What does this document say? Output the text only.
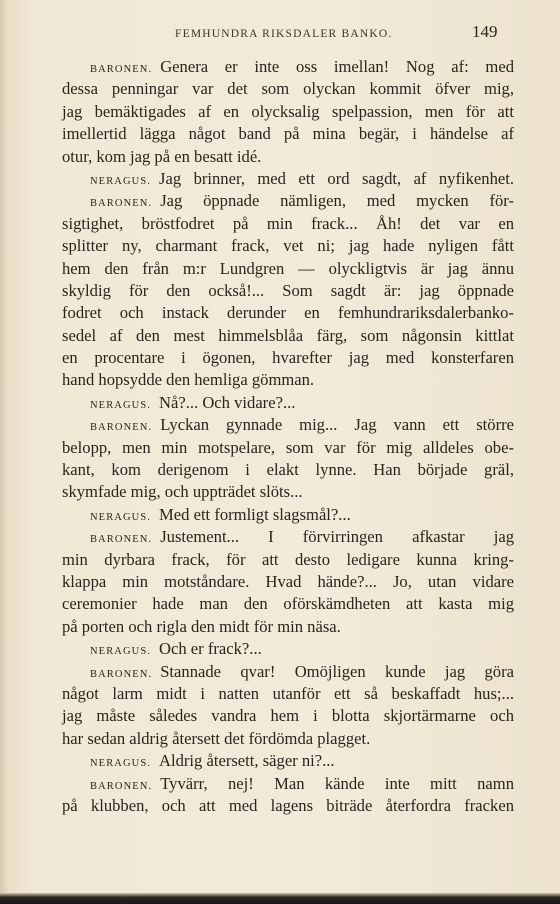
FEMHUNDRA RIKSDALER BANKO.	149
BARONEN. Genera er inte oss imellan! Nog af: med
dessa penningar var det som olyckan kommit öfver mig,
jag bemäktigades af en olycksalig spelpassion, men för att
imellertid lägga något band på mina begär, i händelse af
otur, kom jag på en besatt idé.
NERAGUS. Jag brinner, med ett ord sagdt, af nyfikenhet.
BARONEN. Jag öppnade nämligen, med mycken för-
sigtighet, bröstfodret på min frack... Åh! det var en
splitter ny, charmant frack, vet ni; jag hade nyligen fått
hem den från m:r Lundgren — olyckligtvis är jag ännu
skyldig för den också!... Som sagdt är: jag öppnade
fodret och instack derunder en femhundrariksdalerbanko-
sedel af den mest himmelsblåa färg, som någonsin kittlat
en procentare i ögonen, hvarefter jag med konsterfaren
hand hopsydde den hemliga gömman.
NERAGUS. Nå?... Och vidare?...
BARONEN. Lyckan gynnade mig... Jag vann ett större
belopp, men min motspelare, som var för mig alldeles obe-
kant, kom derigenom i elakt lynne. Han började gräl,
skymfade mig, och uppträdet slöts...
NERAGUS. Med ett formligt slagsmål?...
BARONEN. Justement... I förvirringen afkastar jag
min dyrbara frack, för att desto ledigare kunna kring-
klappa min motståndare. Hvad hände?... Jo, utan vidare
ceremonier hade man den oförskämdheten att kasta mig
på porten och rigla den midt för min näsa.
NERAGUS. Och er frack?...
BARONEN. Stannade qvar! Omöjligen kunde jag göra
något larm midt i natten utanför ett så beskaffadt hus;...
jag måste således vandra hem i blotta skjortärmarne och
har sedan aldrig återsett det fördömda plagget.
NERAGUS. Aldrig återsett, säger ni?...
BARONEN. Tyvärr, nej! Man kände inte mitt namn
på klubben, och att med lagens biträde återfordra fracken
